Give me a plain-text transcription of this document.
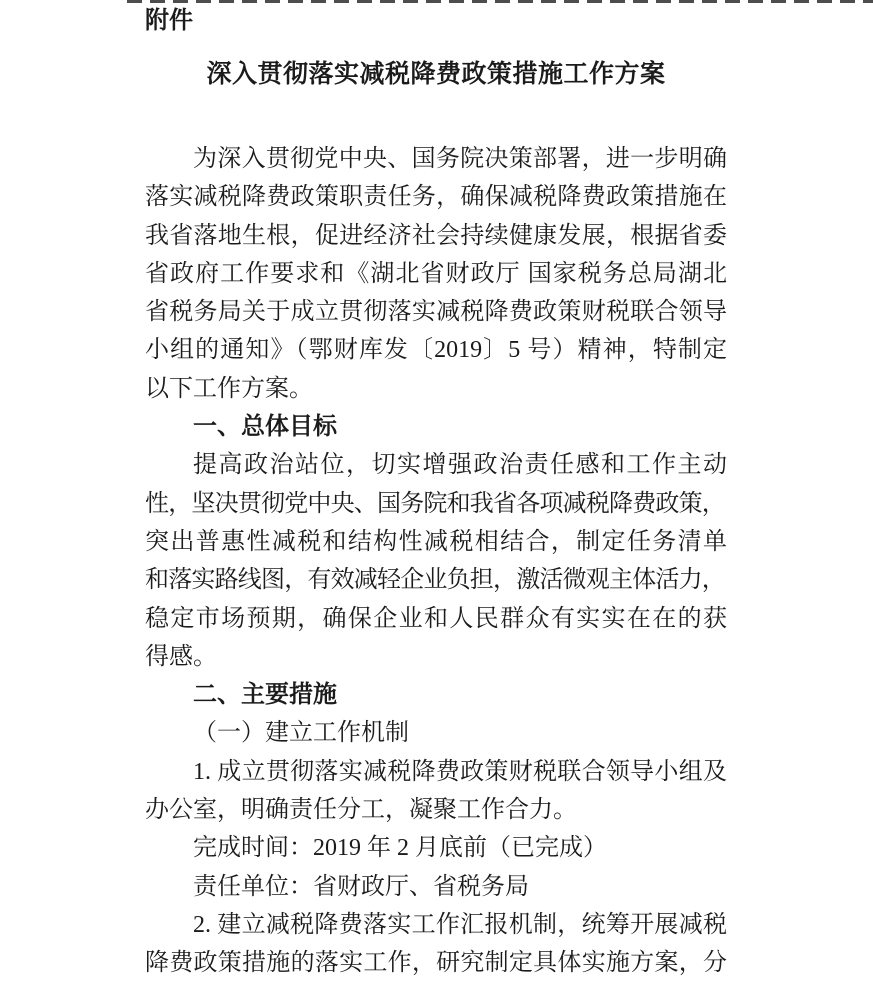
附件
深入贯彻落实减税降费政策措施工作方案
为深入贯彻党中央、国务院决策部署，进一步明确
落实减税降费政策职责任务，确保减税降费政策措施在
我省落地生根，促进经济社会持续健康发展，根据省委
省政府工作要求和《湖北省财政厅 国家税务总局湖北
省税务局关于成立贯彻落实减税降费政策财税联合领导
小组的通知》（鄂财库发〔2019〕5 号）精神，特制定
以下工作方案。
一、总体目标
提高政治站位，切实增强政治责任感和工作主动
性，坚决贯彻党中央、国务院和我省各项减税降费政策，
突出普惠性减税和结构性减税相结合，制定任务清单
和落实路线图，有效减轻企业负担，激活微观主体活力，
稳定市场预期，确保企业和人民群众有实实在在的获
得感。
二、主要措施
（一）建立工作机制
1. 成立贯彻落实减税降费政策财税联合领导小组及
办公室，明确责任分工，凝聚工作合力。
完成时间：2019 年 2 月底前（已完成）
责任单位：省财政厅、省税务局
2. 建立减税降费落实工作汇报机制，统筹开展减税
降费政策措施的落实工作，研究制定具体实施方案，分
